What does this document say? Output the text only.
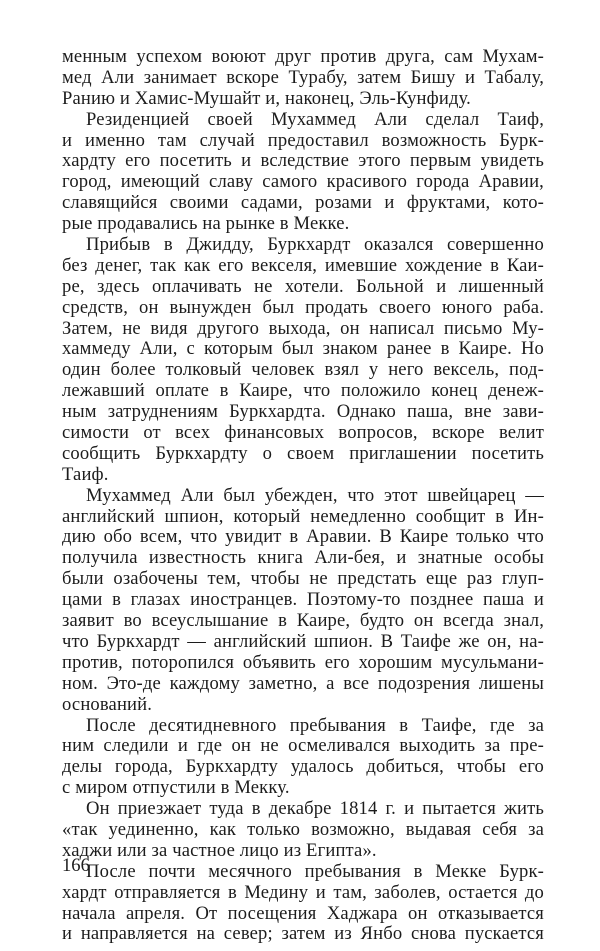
менным успехом воюют друг против друга, сам Мухам-
мед Али занимает вскоре Турабу, затем Бишу и Табалу,
Ранию и Хамис-Мушайт и, наконец, Эль-Кунфиду.
Резиденцией своей Мухаммед Али сделал Таиф,
и именно там случай предоставил возможность Бурк-
хардту его посетить и вследствие этого первым увидеть
город, имеющий славу самого красивого города Аравии,
славящийся своими садами, розами и фруктами, кото-
рые продавались на рынке в Мекке.
Прибыв в Джидду, Буркхардт оказался совершенно
без денег, так как его векселя, имевшие хождение в Каи-
ре, здесь оплачивать не хотели. Больной и лишенный
средств, он вынужден был продать своего юного раба.
Затем, не видя другого выхода, он написал письмо Му-
хаммеду Али, с которым был знаком ранее в Каире. Но
один более толковый человек взял у него вексель, под-
лежавший оплате в Каире, что положило конец денеж-
ным затруднениям Буркхардта. Однако паша, вне зави-
симости от всех финансовых вопросов, вскоре велит
сообщить Буркхардту о своем приглашении посетить
Таиф.
Мухаммед Али был убежден, что этот швейцарец —
английский шпион, который немедленно сообщит в Ин-
дию обо всем, что увидит в Аравии. В Каире только что
получила известность книга Али-бея, и знатные особы
были озабочены тем, чтобы не предстать еще раз глуп-
цами в глазах иностранцев. Поэтому-то позднее паша и
заявит во всеуслышание в Каире, будто он всегда знал,
что Буркхардт — английский шпион. В Таифе же он, на-
против, поторопился объявить его хорошим мусульмани-
ном. Это-де каждому заметно, а все подозрения лишены
оснований.
После десятидневного пребывания в Таифе, где за
ним следили и где он не осмеливался выходить за пре-
делы города, Буркхардту удалось добиться, чтобы его
с миром отпустили в Мекку.
Он приезжает туда в декабре 1814 г. и пытается жить
«так уединенно, как только возможно, выдавая себя за
хаджи или за частное лицо из Египта».
После почти месячного пребывания в Мекке Бурк-
хардт отправляется в Медину и там, заболев, остается до
начала апреля. От посещения Хаджара он отказывается
и направляется на север; затем из Янбо снова пускается
166
